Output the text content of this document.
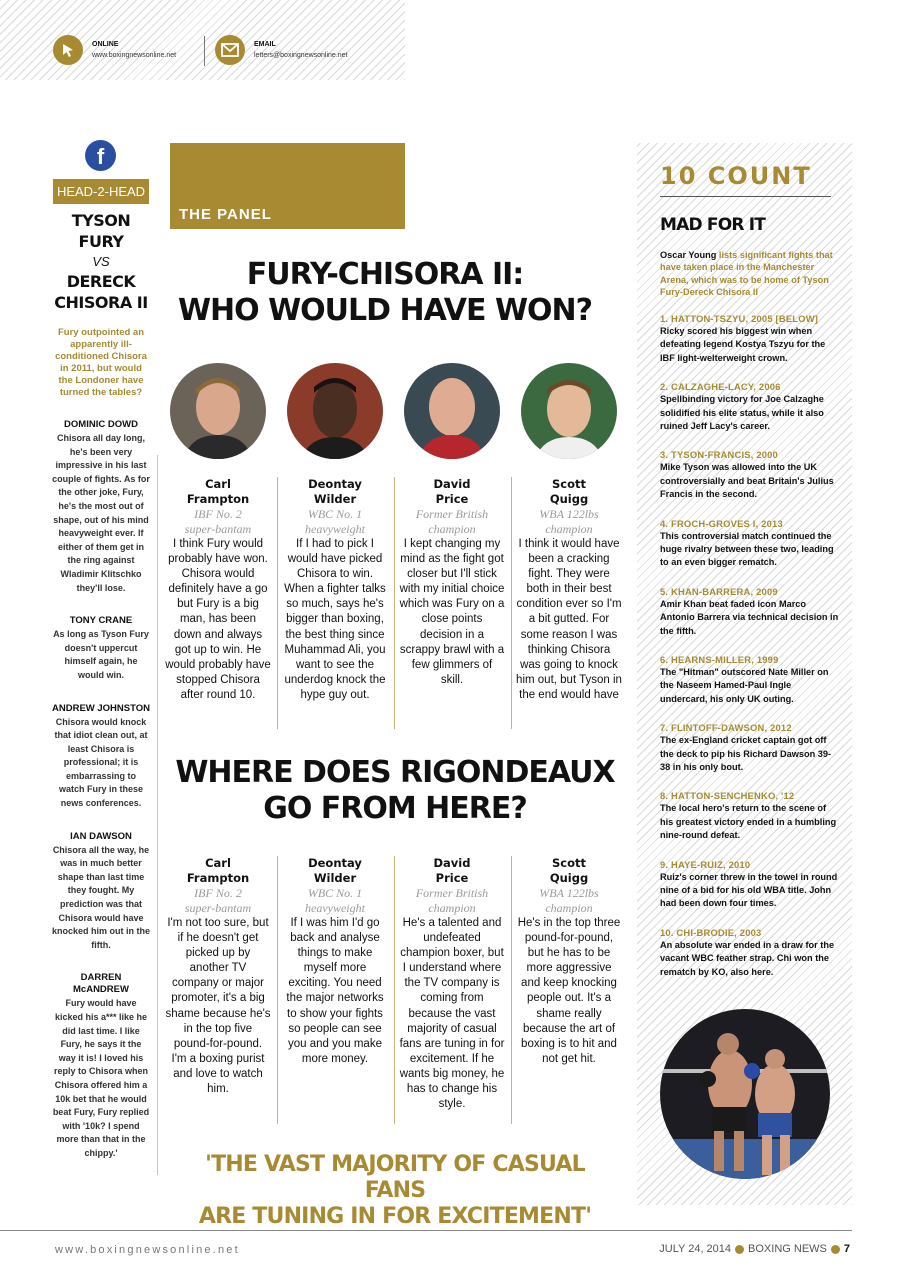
ONLINE
www.boxingnewsonline.net
EMAIL
letters@boxingnewsonline.net
f
HEAD-2-HEAD
TYSON
FURY
VS
DERECK
CHISORA II
Fury outpointed an apparently ill-conditioned Chisora in 2011, but would the Londoner have turned the tables?
DOMINIC DOWD
Chisora all day long, he's been very impressive in his last couple of fights. As for the other joke, Fury, he's the most out of shape, out of his mind heavyweight ever. If either of them get in the ring against Wladimir Klitschko they'll lose.
TONY CRANE
As long as Tyson Fury doesn't uppercut himself again, he would win.
ANDREW JOHNSTON
Chisora would knock that idiot clean out, at least Chisora is professional; it is embarrassing to watch Fury in these news conferences.
IAN DAWSON
Chisora all the way, he was in much better shape than last time they fought. My prediction was that Chisora would have knocked him out in the fifth.
DARREN McANDREW
Fury would have kicked his a*** like he did last time. I like Fury, he says it the way it is! I loved his reply to Chisora when Chisora offered him a 10k bet that he would beat Fury, Fury replied with '10k? I spend more than that in the chippy.'
THE PANEL
FURY-CHISORA II:
WHO WOULD HAVE WON?
Carl
Frampton
IBF No. 2
super-bantam
I think Fury would probably have won. Chisora would definitely have a go but Fury is a big man, has been down and always got up to win. He would probably have stopped Chisora after round 10.
Deontay
Wilder
WBC No. 1
heavyweight
If I had to pick I would have picked Chisora to win. When a fighter talks so much, says he's bigger than boxing, the best thing since Muhammad Ali, you want to see the underdog knock the hype guy out.
David
Price
Former British
champion
I kept changing my mind as the fight got closer but I'll stick with my initial choice which was Fury on a close points decision in a scrappy brawl with a few glimmers of skill.
Scott
Quigg
WBA 122lbs
champion
I think it would have been a cracking fight. They were both in their best condition ever so I'm a bit gutted. For some reason I was thinking Chisora was going to knock him out, but Tyson in the end would have
WHERE DOES RIGONDEAUX
GO FROM HERE?
Carl
Frampton
IBF No. 2
super-bantam
I'm not too sure, but if he doesn't get picked up by another TV company or major promoter, it's a big shame because he's in the top five pound-for-pound. I'm a boxing purist and love to watch him.
Deontay
Wilder
WBC No. 1
heavyweight
If I was him I'd go back and analyse things to make myself more exciting. You need the major networks to show your fights so people can see you and you make more money.
David
Price
Former British
champion
He's a talented and undefeated champion boxer, but I understand where the TV company is coming from because the vast majority of casual fans are tuning in for excitement. If he wants big money, he has to change his style.
Scott
Quigg
WBA 122lbs
champion
He's in the top three pound-for-pound, but he has to be more aggressive and keep knocking people out. It's a shame really because the art of boxing is to hit and not get hit.
'THE VAST MAJORITY OF CASUAL FANS
ARE TUNING IN FOR EXCITEMENT'
10 COUNT
MAD FOR IT
Oscar Young lists significant fights that have taken place in the Manchester Arena, which was to be home of Tyson Fury-Dereck Chisora II
1. HATTON-TSZYU, 2005 [BELOW]
Ricky scored his biggest win when defeating legend Kostya Tszyu for the IBF light-welterweight crown.
2. CALZAGHE-LACY, 2006
Spellbinding victory for Joe Calzaghe solidified his elite status, while it also ruined Jeff Lacy's career.
3. TYSON-FRANCIS, 2000
Mike Tyson was allowed into the UK controversially and beat Britain's Julius Francis in the second.
4. FROCH-GROVES I, 2013
This controversial match continued the huge rivalry between these two, leading to an even bigger rematch.
5. KHAN-BARRERA, 2009
Amir Khan beat faded icon Marco Antonio Barrera via technical decision in the fifth.
6. HEARNS-MILLER, 1999
The "Hitman" outscored Nate Miller on the Naseem Hamed-Paul Ingle undercard, his only UK outing.
7. FLINTOFF-DAWSON, 2012
The ex-England cricket captain got off the deck to pip his Richard Dawson 39-38 in his only bout.
8. HATTON-SENCHENKO, '12
The local hero's return to the scene of his greatest victory ended in a humbling nine-round defeat.
9. HAYE-RUIZ, 2010
Ruiz's corner threw in the towel in round nine of a bid for his old WBA title. John had been down four times.
10. CHI-BRODIE, 2003
An absolute war ended in a draw for the vacant WBC feather strap. Chi won the rematch by KO, also here.
www.boxingnewsonline.net	JULY 24, 2014 BOXING NEWS 7
